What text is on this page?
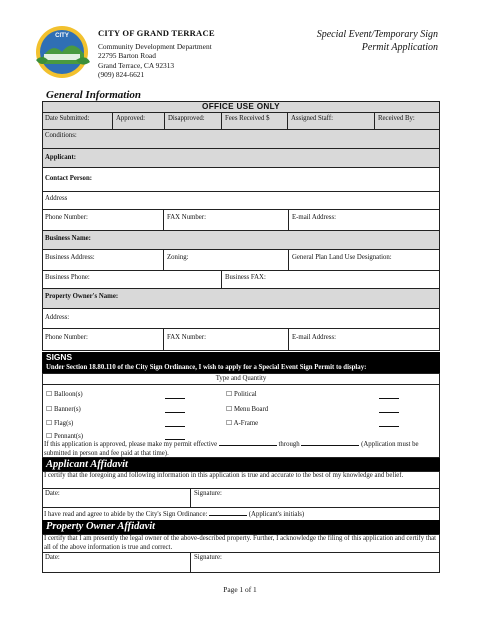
CITY	CITY OF GRAND TERRACE
Community Development Department
22795 Barton Road
Grand Terrace, CA 92313
(909) 824-6621
Special Event/Temporary Sign
Permit Application
General Information
OFFICE USE ONLY
Date Submitted:	Approved:	Disapproved:	Fees Received $	Assigned Staff:	Received By:
Conditions:
Applicant:
Contact Person:
Address
Phone Number:	FAX Number:	E-mail Address:
Business Name:
Business Address:	Zoning:	General Plan Land Use Designation:
Business Phone:	Business FAX:
Property Owner's Name:
Address:
Phone Number:	FAX Number:	E-mail Address:
SIGNS
Under Section 18.80.110 of the City Sign Ordinance, I wish to apply for a Special Event Sign Permit to display:
Type and Quantity
☐ Balloon(s)
☐ Banner(s)
☐ Flag(s)
☐ Pennant(s)
☐ Political
☐ Menu Board
☐ A-Frame
If this application is approved, please make my permit effective	through	(Application must be submitted in person and fee paid at that time).
Applicant Affidavit
I certify that the foregoing and following information in this application is true and accurate to the best of my knowledge and belief.
Date:	Signature:
I have read and agree to abide by the City's Sign Ordinance:	(Applicant's initials)
Property Owner Affidavit
I certify that I am presently the legal owner of the above-described property. Further, I acknowledge the filing of this application and certify that all of the above information is true and correct.
Date:	Signature:
Page 1 of 1
